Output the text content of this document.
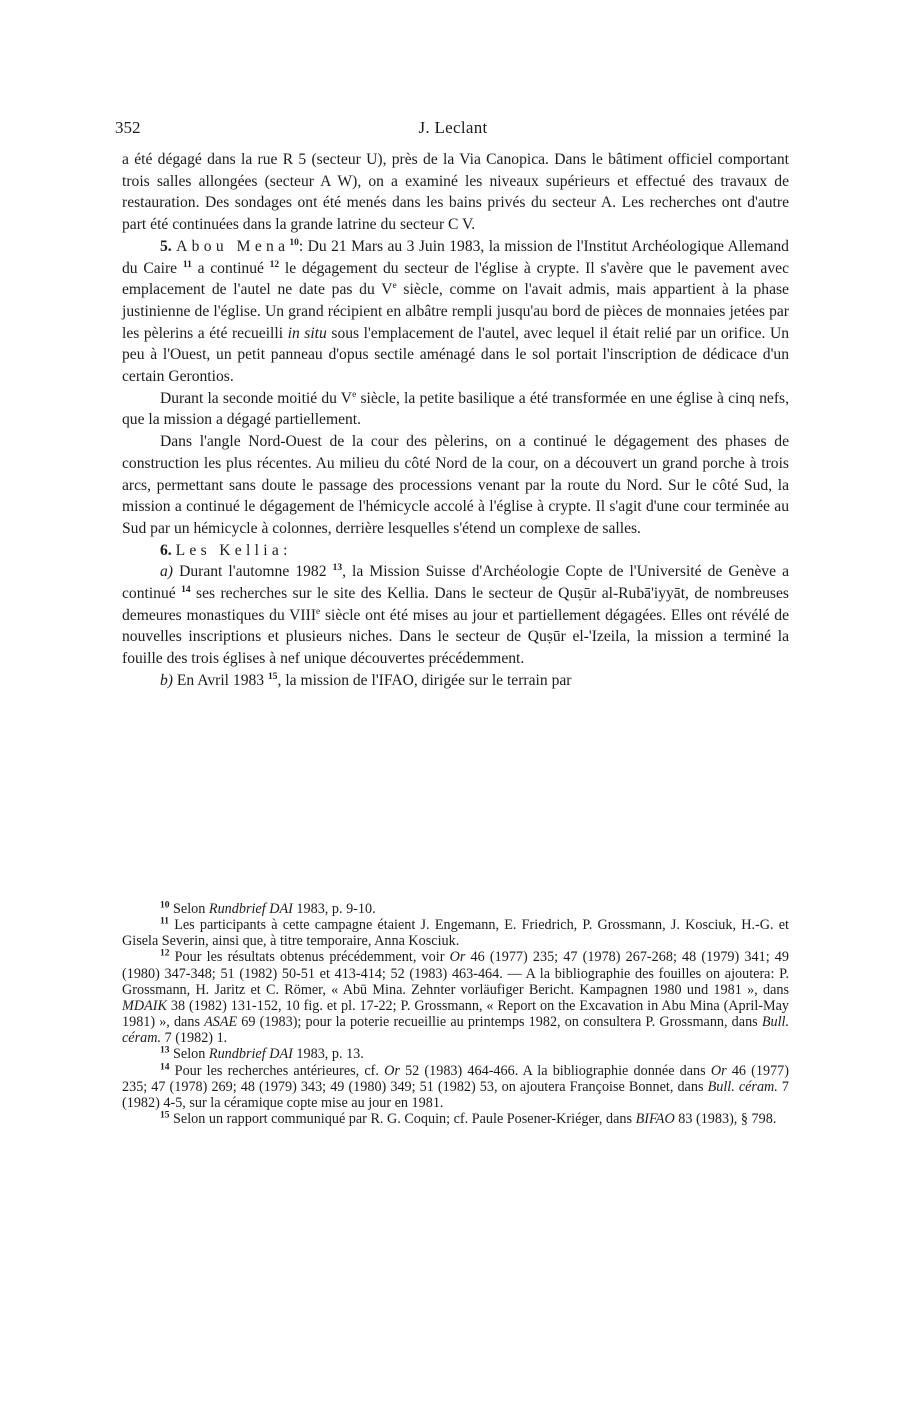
352	J. Leclant

a été dégagé dans la rue R 5 (secteur U), près de la Via Canopica. Dans le bâtiment officiel comportant trois salles allongées (secteur A W), on a examiné les niveaux supérieurs et effectué des travaux de restauration. Des sondages ont été menés dans les bains privés du secteur A. Les recherches ont d'autre part été continuées dans la grande latrine du secteur C V.

5. Abou Mena$^{10}$: Du 21 Mars au 3 Juin 1983, la mission de l'Institut Archéologique Allemand du Caire $^{11}$ a continué $^{12}$ le dégagement du secteur de l'église à crypte. Il s'avère que le pavement avec emplacement de l'autel ne date pas du Ve siècle, comme on l'avait admis, mais appartient à la phase justinienne de l'église. Un grand récipient en albâtre rempli jusqu'au bord de pièces de monnaies jetées par les pèlerins a été recueilli in situ sous l'emplacement de l'autel, avec lequel il était relié par un orifice. Un peu à l'Ouest, un petit panneau d'opus sectile aménagé dans le sol portait l'inscription de dédicace d'un certain Gerontios.

Durant la seconde moitié du Ve siècle, la petite basilique a été transformée en une église à cinq nefs, que la mission a dégagé partiellement.

Dans l'angle Nord-Ouest de la cour des pèlerins, on a continué le dégagement des phases de construction les plus récentes. Au milieu du côté Nord de la cour, on a découvert un grand porche à trois arcs, permettant sans doute le passage des processions venant par la route du Nord. Sur le côté Sud, la mission a continué le dégagement de l'hémicycle accolé à l'église à crypte. Il s'agit d'une cour terminée au Sud par un hémicycle à colonnes, derrière lesquelles s'étend un complexe de salles.

6. Les Kellia:

a) Durant l'automne 1982 $^{13}$, la Mission Suisse d'Archéologie Copte de l'Université de Genève a continué $^{14}$ ses recherches sur le site des Kellia. Dans le secteur de Quṣūr al-Rubā'iyyāt, de nombreuses demeures monastiques du VIIIe siècle ont été mises au jour et partiellement dégagées. Elles ont révélé de nouvelles inscriptions et plusieurs niches. Dans le secteur de Quṣūr el-'Izeila, la mission a terminé la fouille des trois églises à nef unique découvertes précédemment.

b) En Avril 1983 $^{15}$, la mission de l'IFAO, dirigée sur le terrain par

$^{10}$ Selon Rundbrief DAI 1983, p. 9-10.

$^{11}$ Les participants à cette campagne étaient J. Engemann, E. Friedrich, P. Grossmann, J. Kosciuk, H.-G. et Gisela Severin, ainsi que, à titre temporaire, Anna Kosciuk.

$^{12}$ Pour les résultats obtenus précédemment, voir Or 46 (1977) 235; 47 (1978) 267-268; 48 (1979) 341; 49 (1980) 347-348; 51 (1982) 50-51 et 413-414; 52 (1983) 463-464. — A la bibliographie des fouilles on ajoutera: P. Grossmann, H. Jaritz et C. Römer, « Abū Mina. Zehnter vorläufiger Bericht. Kampagnen 1980 und 1981 », dans MDAIK 38 (1982) 131-152, 10 fig. et pl. 17-22; P. Grossmann, « Report on the Excavation in Abu Mina (April-May 1981) », dans ASAE 69 (1983); pour la poterie recueillie au printemps 1982, on consultera P. Grossmann, dans Bull. céram. 7 (1982) 1.

$^{13}$ Selon Rundbrief DAI 1983, p. 13.

$^{14}$ Pour les recherches antérieures, cf. Or 52 (1983) 464-466. A la bibliographie donnée dans Or 46 (1977) 235; 47 (1978) 269; 48 (1979) 343; 49 (1980) 349; 51 (1982) 53, on ajoutera Françoise Bonnet, dans Bull. céram. 7 (1982) 4-5, sur la céramique copte mise au jour en 1981.

$^{15}$ Selon un rapport communiqué par R. G. Coquin; cf. Paule Posener-Kriéger, dans BIFAO 83 (1983), § 798.
